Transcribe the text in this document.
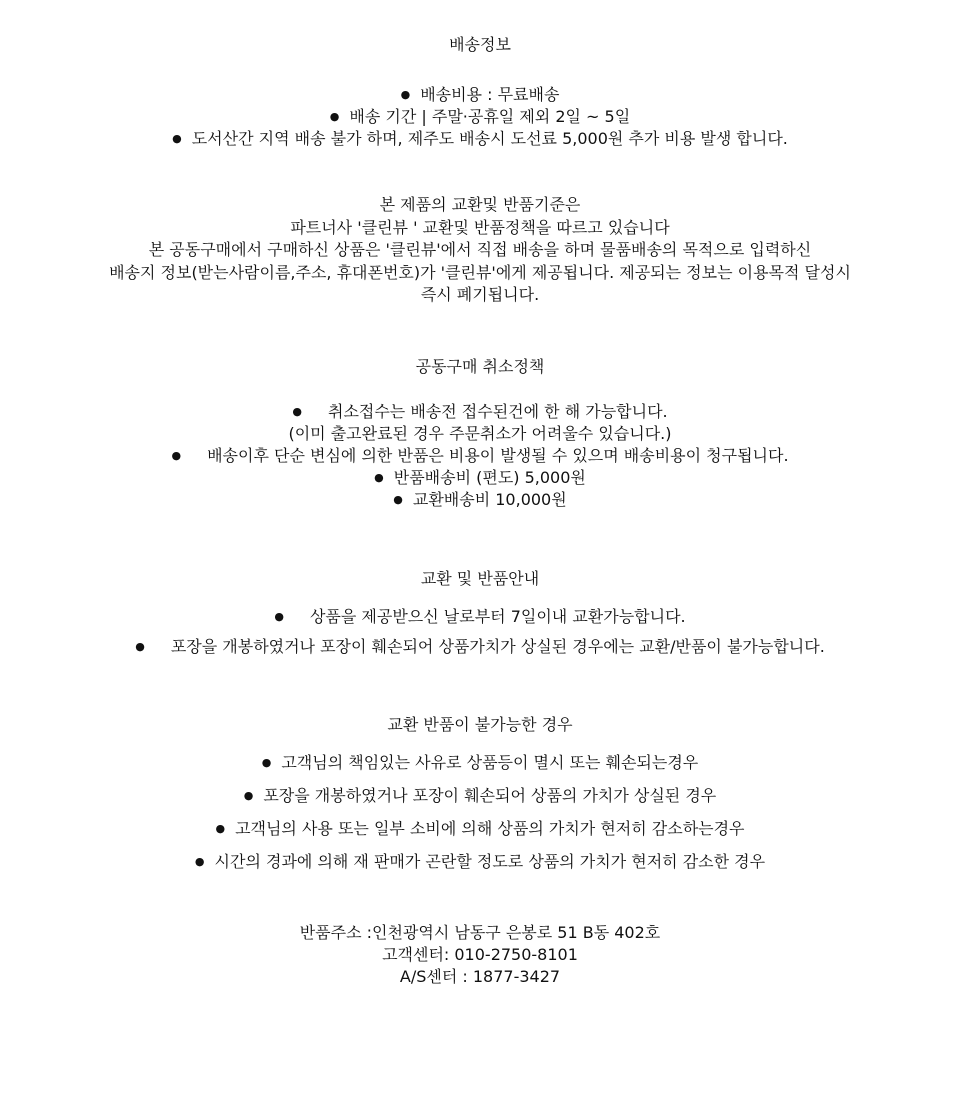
배송정보
● 배송비용 : 무료배송
● 배송 기간 | 주말·공휴일 제외 2일 ~ 5일
● 도서산간 지역 배송 불가 하며, 제주도 배송시 도선료 5,000원 추가 비용 발생 합니다.
본 제품의 교환및 반품기준은
파트너사 '클린뷰 ' 교환및 반품정책을 따르고 있습니다
본 공동구매에서 구매하신 상품은 '클린뷰'에서 직접 배송을 하며 물품배송의 목적으로 입력하신
배송지 정보(받는사람이름,주소, 휴대폰번호)가 '클린뷰'에게 제공됩니다. 제공되는 정보는 이용목적 달성시
즉시 폐기됩니다.
공동구매 취소정책
● 취소접수는 배송전 접수된건에 한 해 가능합니다.
(이미 출고완료된 경우 주문취소가 어려울수 있습니다.)
● 배송이후 단순 변심에 의한 반품은 비용이 발생될 수 있으며 배송비용이 청구됩니다.
● 반품배송비 (편도) 5,000원
● 교환배송비 10,000원
교환 및 반품안내
● 상품을 제공받으신 날로부터 7일이내 교환가능합니다.
● 포장을 개봉하였거나 포장이 훼손되어 상품가치가 상실된 경우에는 교환/반품이 불가능합니다.
교환 반품이 불가능한 경우
● 고객님의 책임있는 사유로 상품등이 멸시 또는 훼손되는경우
● 포장을 개봉하였거나 포장이 훼손되어 상품의 가치가 상실된 경우
● 고객님의 사용 또는 일부 소비에 의해 상품의 가치가 현저히 감소하는경우
● 시간의 경과에 의해 재 판매가 곤란할 정도로 상품의 가치가 현저히 감소한 경우
반품주소 :인천광역시 남동구 은봉로 51 B동 402호
고객센터: 010-2750-8101
A/S센터 : 1877-3427
